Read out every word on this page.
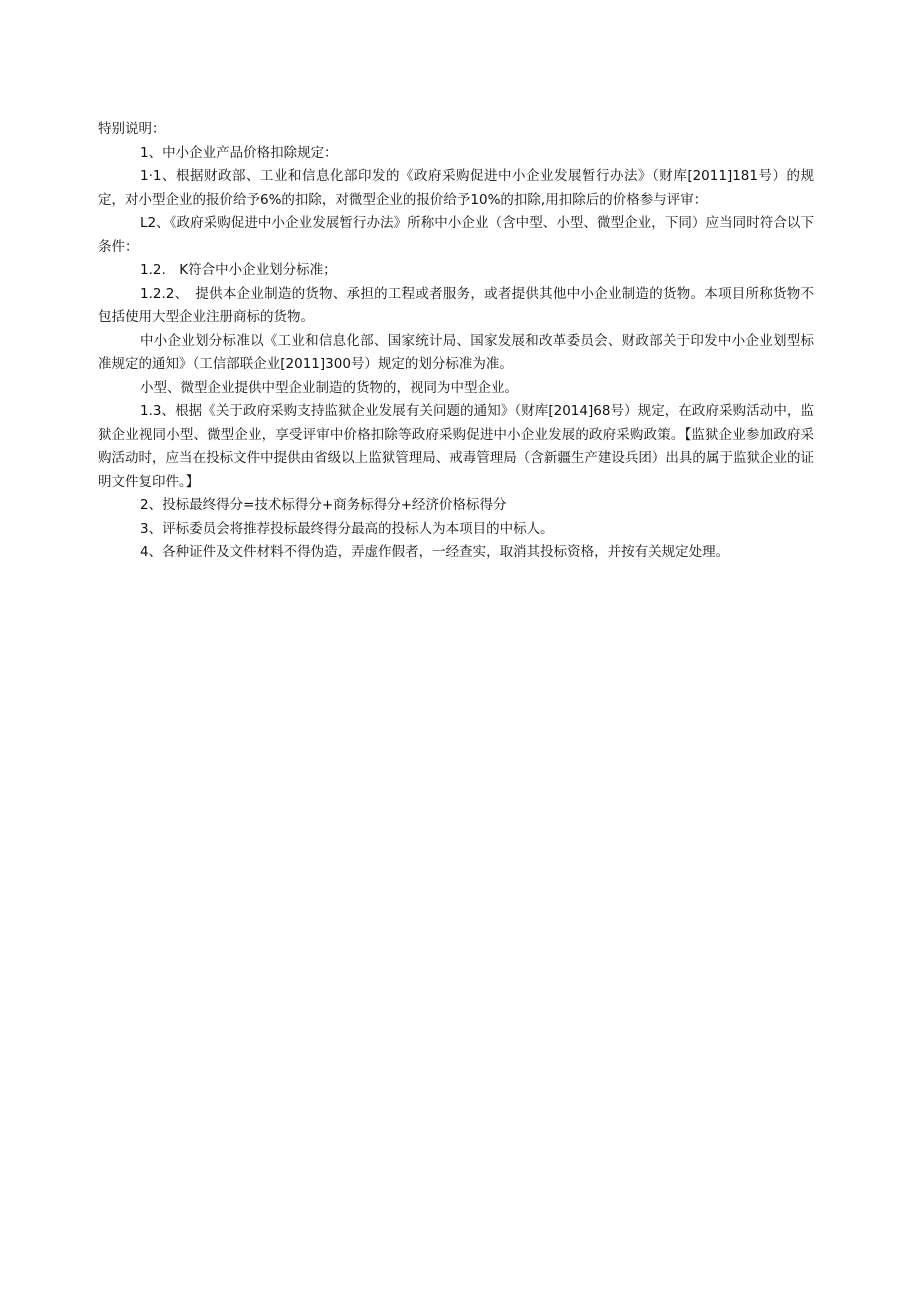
特别说明：

1、中小企业产品价格扣除规定：

1·1、根据财政部、工业和信息化部印发的《政府采购促进中小企业发展暂行办法》（财库[2011]181号）的规定，对小型企业的报价给予6%的扣除，对微型企业的报价给予10%的扣除,用扣除后的价格参与评审：

L2、《政府采购促进中小企业发展暂行办法》所称中小企业（含中型、小型、微型企业，下同）应当同时符合以下条件：

1.2.　K符合中小企业划分标准；

1.2.2、　提供本企业制造的货物、承担的工程或者服务，或者提供其他中小企业制造的货物。本项目所称货物不包括使用大型企业注册商标的货物。

中小企业划分标准以《工业和信息化部、国家统计局、国家发展和改革委员会、财政部关于印发中小企业划型标准规定的通知》（工信部联企业[2011]300号）规定的划分标准为准。

小型、微型企业提供中型企业制造的货物的，视同为中型企业。

1.3、根据《关于政府采购支持监狱企业发展有关问题的通知》（财库[2014]68号）规定，在政府采购活动中，监狱企业视同小型、微型企业，享受评审中价格扣除等政府采购促进中小企业发展的政府采购政策。【监狱企业参加政府采购活动时，应当在投标文件中提供由省级以上监狱管理局、戒毒管理局（含新疆生产建设兵团）出具的属于监狱企业的证明文件复印件。】

2、投标最终得分=技术标得分+商务标得分+经济价格标得分

3、评标委员会将推荐投标最终得分最高的投标人为本项目的中标人。

4、各种证件及文件材料不得伪造，弄虚作假者，一经查实，取消其投标资格，并按有关规定处理。
